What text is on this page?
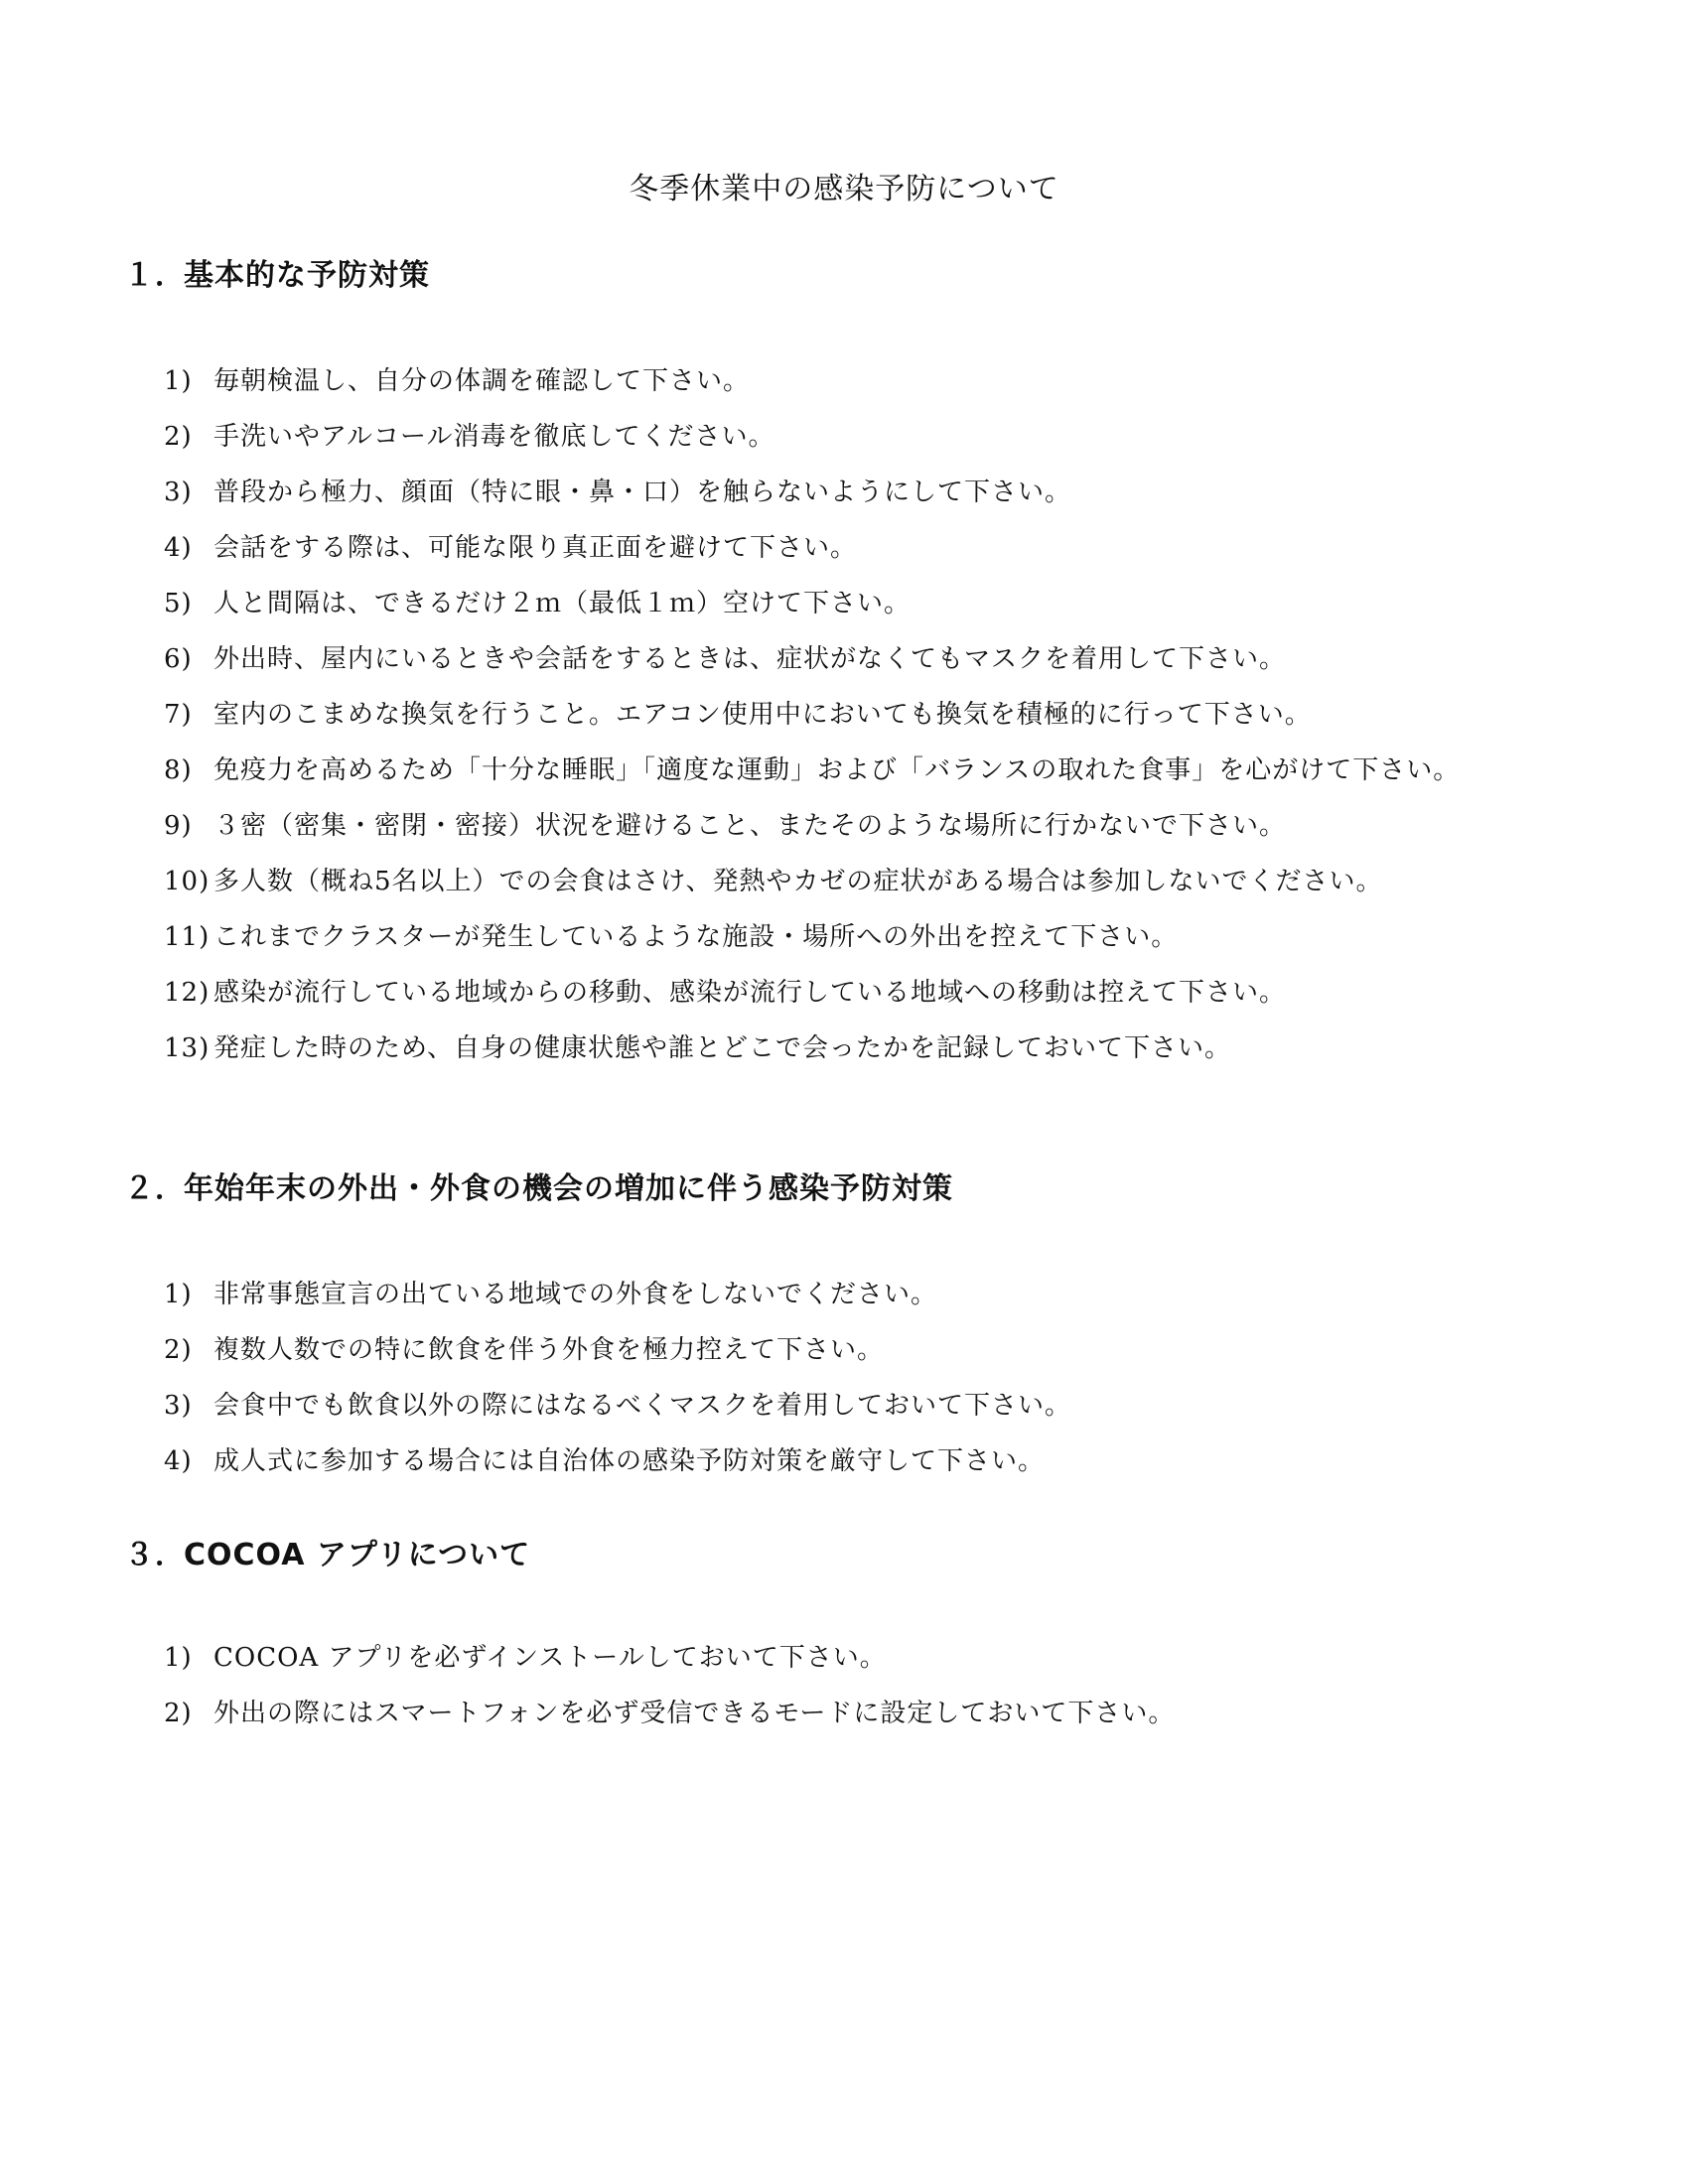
冬季休業中の感染予防について
１．基本的な予防対策
1) 毎朝検温し、自分の体調を確認して下さい。
2) 手洗いやアルコール消毒を徹底してください。
3) 普段から極力、顔面（特に眼・鼻・口）を触らないようにして下さい。
4) 会話をする際は、可能な限り真正面を避けて下さい。
5) 人と間隔は、できるだけ２ｍ（最低１ｍ）空けて下さい。
6) 外出時、屋内にいるときや会話をするときは、症状がなくてもマスクを着用して下さい。
7) 室内のこまめな換気を行うこと。エアコン使用中においても換気を積極的に行って下さい。
8) 免疫力を高めるため「十分な睡眠」「適度な運動」および「バランスの取れた食事」を心がけて下さい。
9) ３密（密集・密閉・密接）状況を避けること、またそのような場所に行かないで下さい。
10) 多人数（概ね5名以上）での会食はさけ、発熱やカゼの症状がある場合は参加しないでください。
11) これまでクラスターが発生しているような施設・場所への外出を控えて下さい。
12) 感染が流行している地域からの移動、感染が流行している地域への移動は控えて下さい。
13) 発症した時のため、自身の健康状態や誰とどこで会ったかを記録しておいて下さい。
２．年始年末の外出・外食の機会の増加に伴う感染予防対策
1) 非常事態宣言の出ている地域での外食をしないでください。
2) 複数人数での特に飲食を伴う外食を極力控えて下さい。
3) 会食中でも飲食以外の際にはなるべくマスクを着用しておいて下さい。
4) 成人式に参加する場合には自治体の感染予防対策を厳守して下さい。
３．COCOA アプリについて
1) COCOA アプリを必ずインストールしておいて下さい。
2) 外出の際にはスマートフォンを必ず受信できるモードに設定しておいて下さい。
